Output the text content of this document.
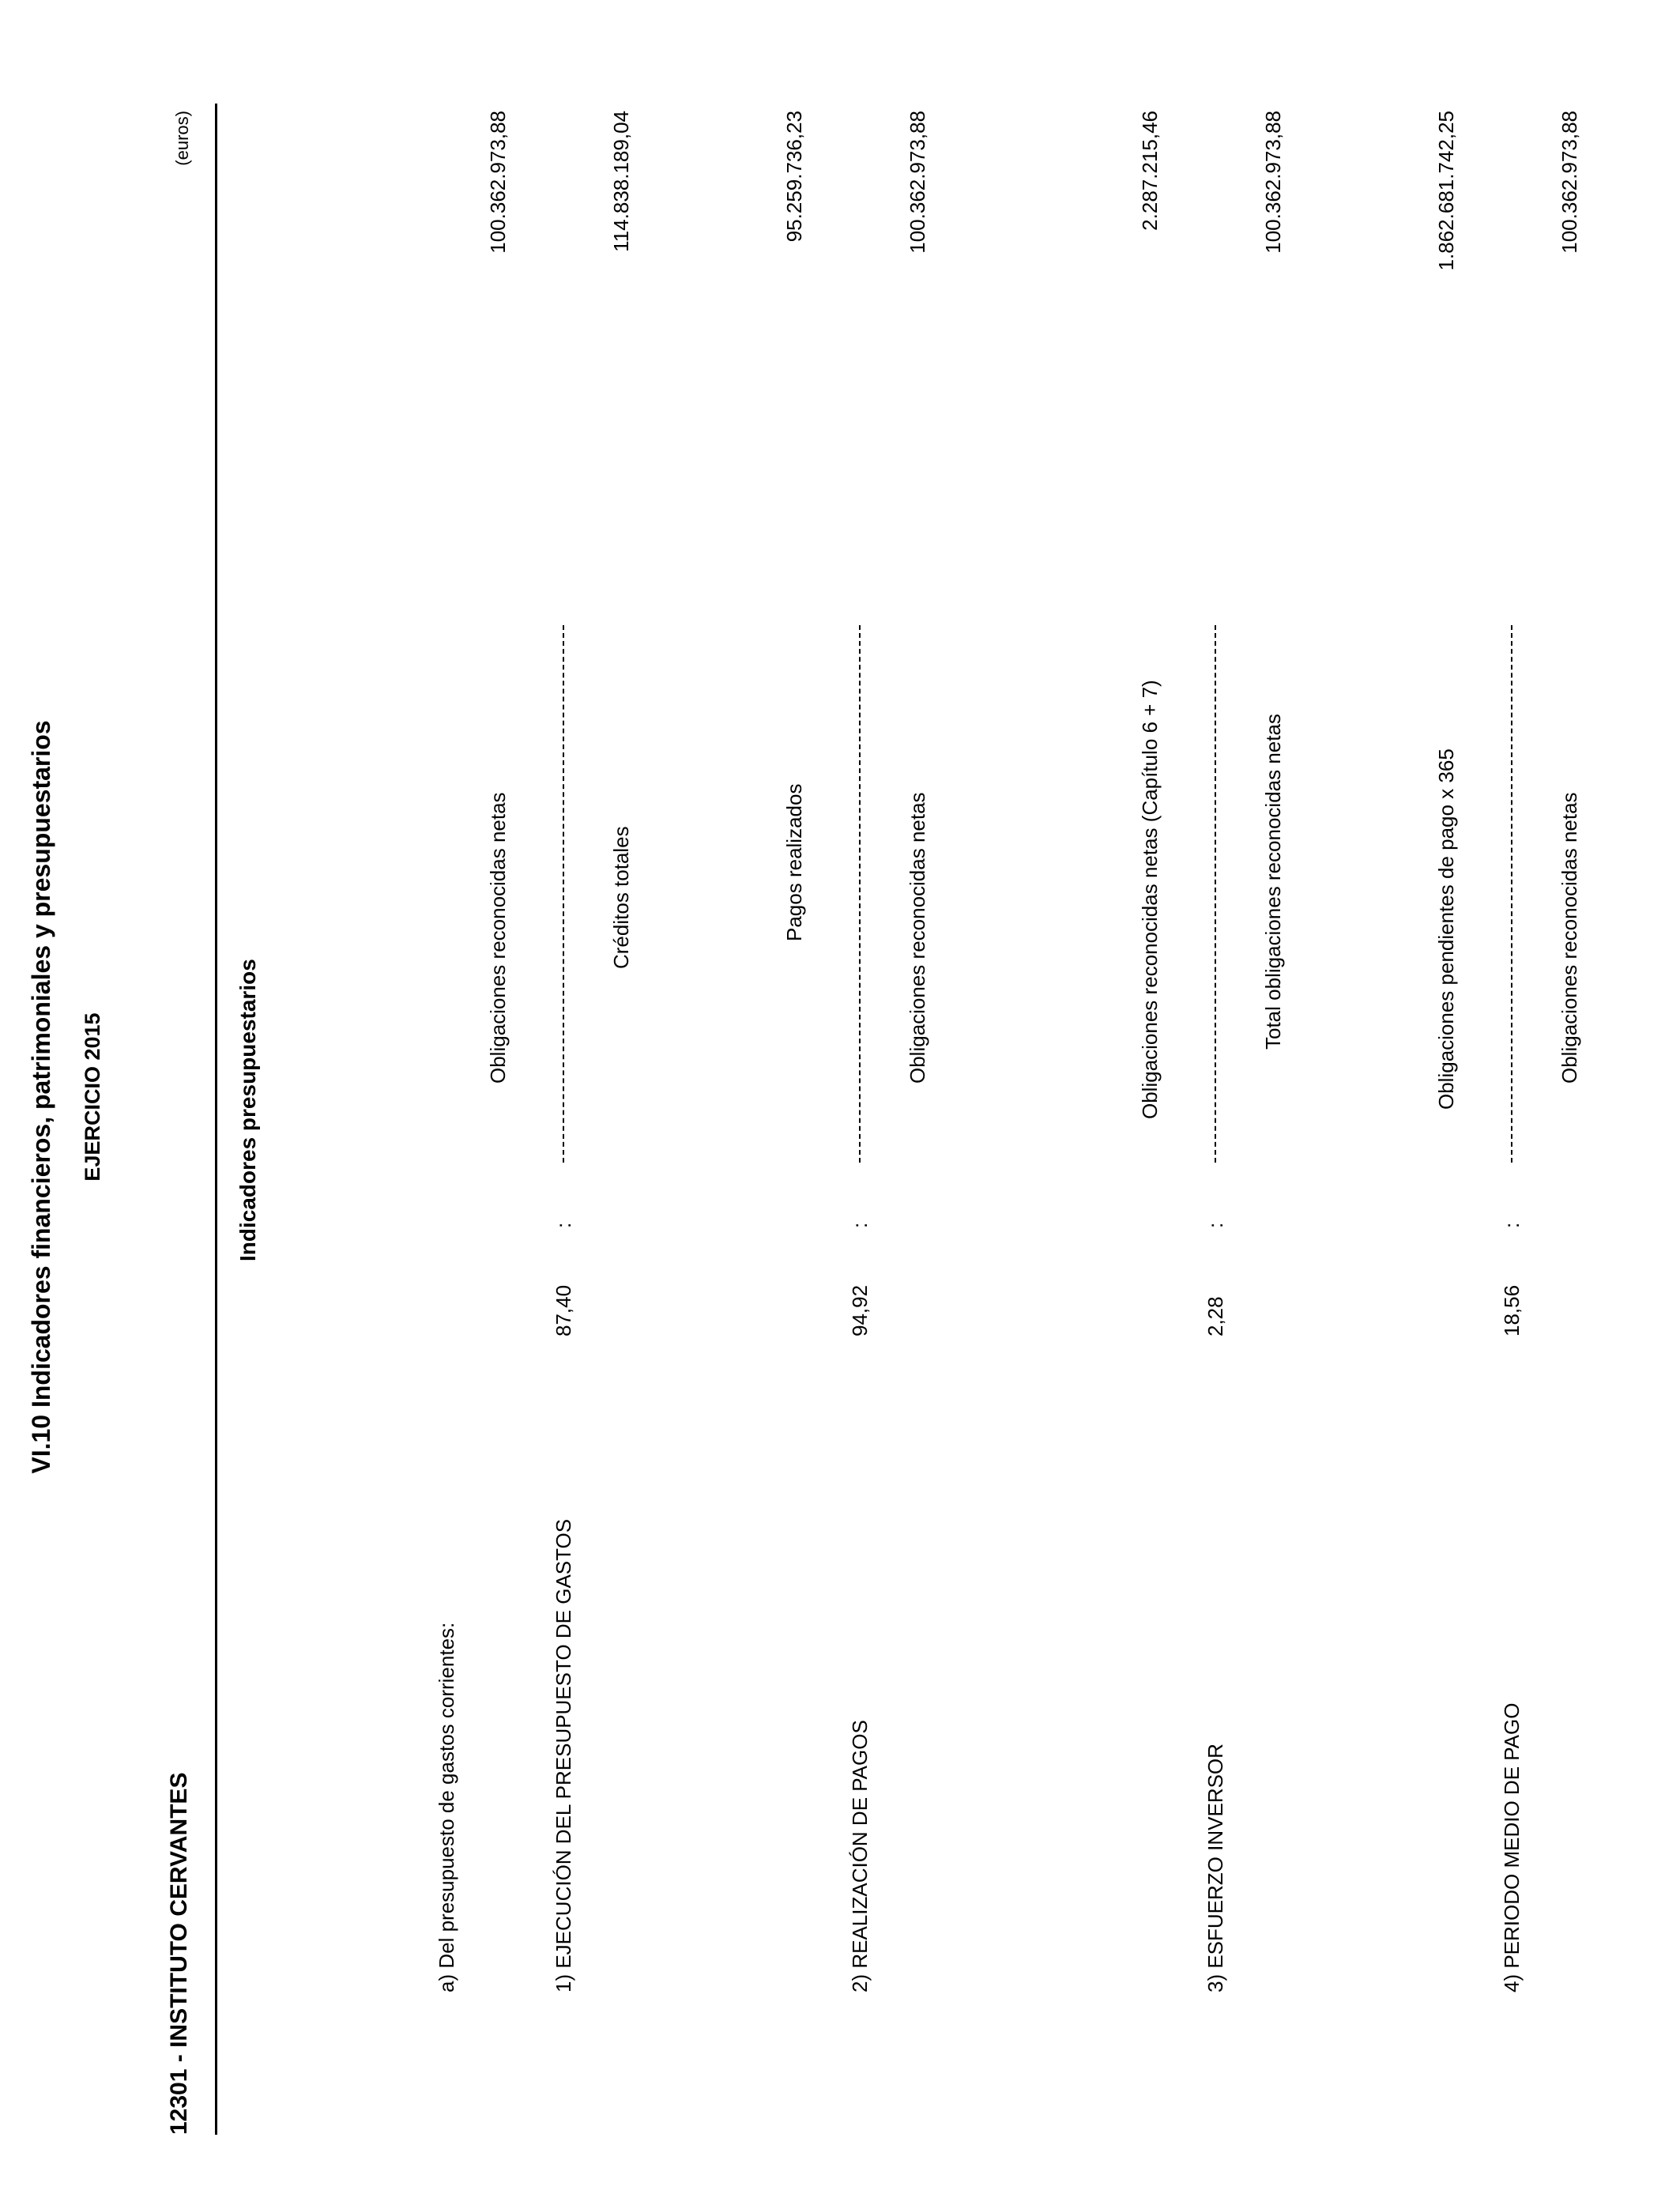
VI.10 Indicadores financieros, patrimoniales y presupuestarios EJERCICIO 2015
12301 - INSTITUTO CERVANTES
(euros)
Indicadores presupuestarios
a) Del presupuesto de gastos corrientes:	1) EJECUCIÓN DEL PRESUPUESTO DE GASTOS
87,40
:
Obligaciones reconocidas netas
100.362.973,88
Créditos totales
114.838.189,04
2) REALIZACIÓN DE PAGOS
94,92
:
Pagos realizados
95.259.736,23
Obligaciones reconocidas netas
100.362.973,88
3) ESFUERZO INVERSOR
2,28
:
Obligaciones reconocidas netas (Capítulo 6 + 7)
2.287.215,46
Total obligaciones reconocidas netas
100.362.973,88
4) PERIODO MEDIO DE PAGO
18,56
:
Obligaciones pendientes de pago x 365
1.862.681.742,25
Obligaciones reconocidas netas
100.362.973,88
